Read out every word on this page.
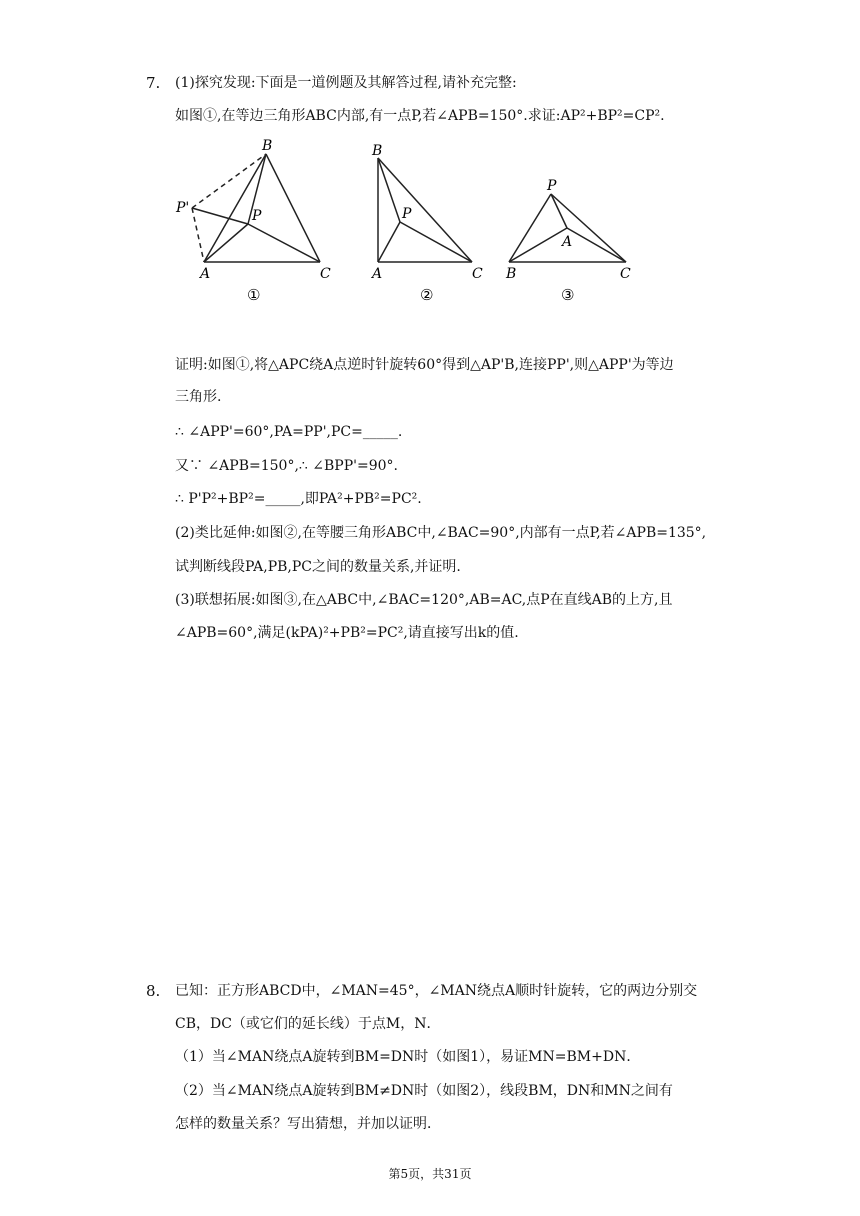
7. (1)探究发现:下面是一道例题及其解答过程,请补充完整:
如图①,在等边三角形ABC内部,有一点P,若∠APB=150°.求证:AP²+BP²=CP².
B
P'	P
A	C
①
B
P
A	C
②
P
A
B	C
③
证明:如图①,将△APC绕A点逆时针旋转60°得到△AP'B,连接PP',则△APP'为等边
三角形.
∴ ∠APP'=60°,PA=PP',PC=_____.
又∵ ∠APB=150°,∴ ∠BPP'=90°.
∴ P'P²+BP²=_____,即PA²+PB²=PC².
(2)类比延伸:如图②,在等腰三角形ABC中,∠BAC=90°,内部有一点P,若∠APB=135°,
试判断线段PA,PB,PC之间的数量关系,并证明.
(3)联想拓展:如图③,在△ABC中,∠BAC=120°,AB=AC,点P在直线AB的上方,且
∠APB=60°,满足(kPA)²+PB²=PC²,请直接写出k的值.
8. 已知：正方形ABCD中，∠MAN=45°，∠MAN绕点A顺时针旋转，它的两边分别交
CB，DC（或它们的延长线）于点M，N．
（1）当∠MAN绕点A旋转到BM=DN时（如图1），易证MN=BM+DN．
（2）当∠MAN绕点A旋转到BM≠DN时（如图2），线段BM，DN和MN之间有
怎样的数量关系？写出猜想，并加以证明．
第5页，共31页
